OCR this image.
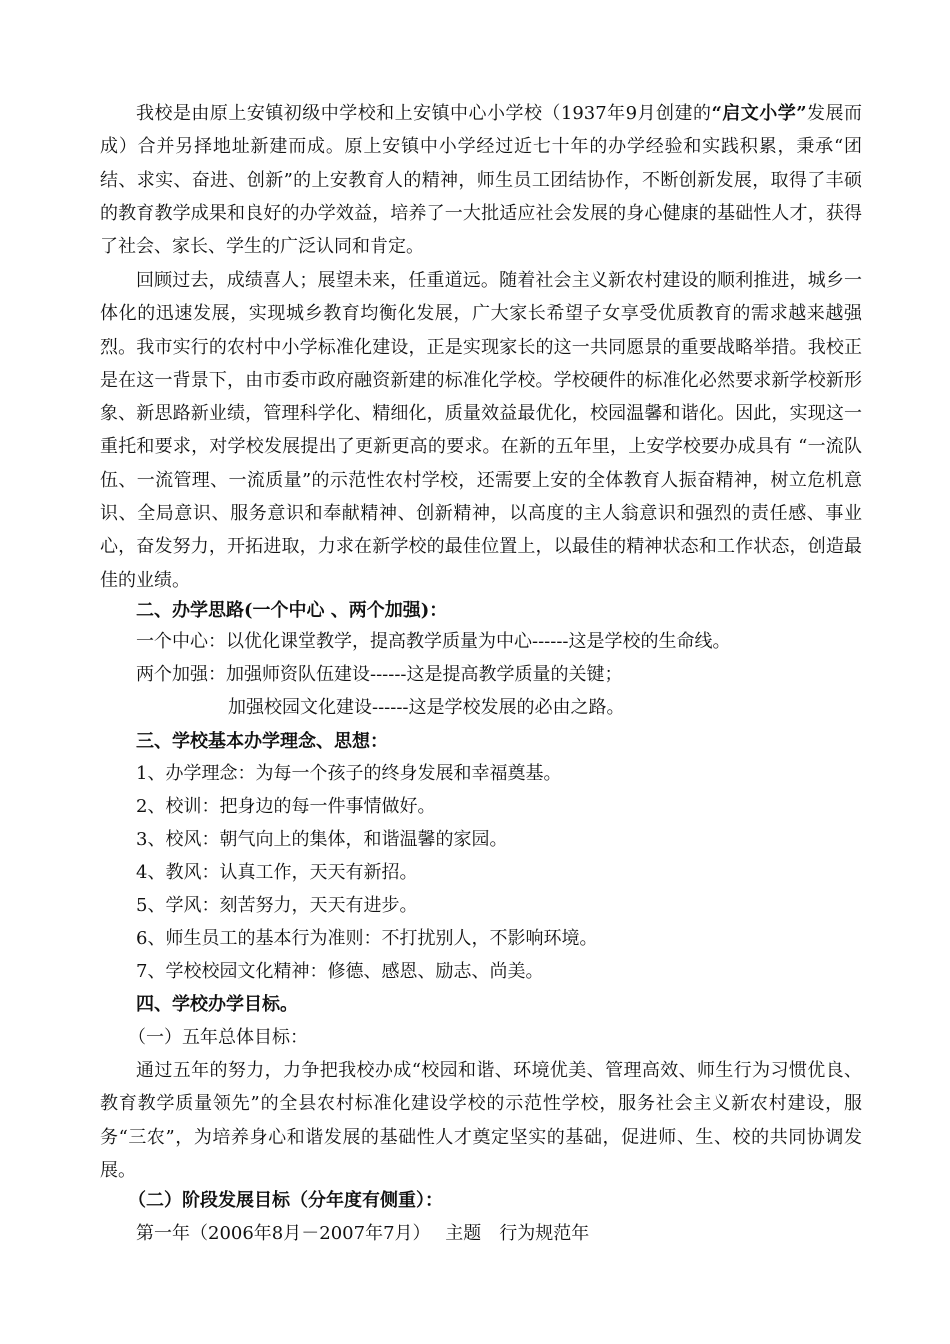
我校是由原上安镇初级中学校和上安镇中心小学校（1937年9月创建的“启文小学”发展而成）合并另择地址新建而成。原上安镇中小学经过近七十年的办学经验和实践积累，秉承“团结、求实、奋进、创新”的上安教育人的精神，师生员工团结协作，不断创新发展，取得了丰硕的教育教学成果和良好的办学效益，培养了一大批适应社会发展的身心健康的基础性人才，获得了社会、家长、学生的广泛认同和肯定。

回顾过去，成绩喜人；展望未来，任重道远。随着社会主义新农村建设的顺利推进，城乡一体化的迅速发展，实现城乡教育均衡化发展，广大家长希望子女享受优质教育的需求越来越强烈。我市实行的农村中小学标准化建设，正是实现家长的这一共同愿景的重要战略举措。我校正是在这一背景下，由市委市政府融资新建的标准化学校。学校硬件的标准化必然要求新学校新形象、新思路新业绩，管理科学化、精细化，质量效益最优化，校园温馨和谐化。因此，实现这一重托和要求，对学校发展提出了更新更高的要求。在新的五年里，上安学校要办成具有 “一流队伍、一流管理、一流质量”的示范性农村学校，还需要上安的全体教育人振奋精神，树立危机意识、全局意识、服务意识和奉献精神、创新精神，以高度的主人翁意识和强烈的责任感、事业心，奋发努力，开拓进取，力求在新学校的最佳位置上，以最佳的精神状态和工作状态，创造最佳的业绩。

二、办学思路(一个中心 、两个加强)：

一个中心：以优化课堂教学，提高教学质量为中心------这是学校的生命线。

两个加强：加强师资队伍建设------这是提高教学质量的关键；

加强校园文化建设------这是学校发展的必由之路。

三、学校基本办学理念、思想：

1、办学理念：为每一个孩子的终身发展和幸福奠基。

2、校训：把身边的每一件事情做好。

3、校风：朝气向上的集体，和谐温馨的家园。

4、教风：认真工作，天天有新招。

5、学风：刻苦努力，天天有进步。

6、师生员工的基本行为准则：不打扰别人，不影响环境。

7、学校校园文化精神：修德、感恩、励志、尚美。

四、学校办学目标。

（一）五年总体目标：

通过五年的努力，力争把我校办成“校园和谐、环境优美、管理高效、师生行为习惯优良、教育教学质量领先”的全县农村标准化建设学校的示范性学校，服务社会主义新农村建设，服务“三农”，为培养身心和谐发展的基础性人才奠定坚实的基础，促进师、生、校的共同协调发展。

（二）阶段发展目标（分年度有侧重）：

第一年（2006年8月－2007年7月）　 主题　行为规范年
